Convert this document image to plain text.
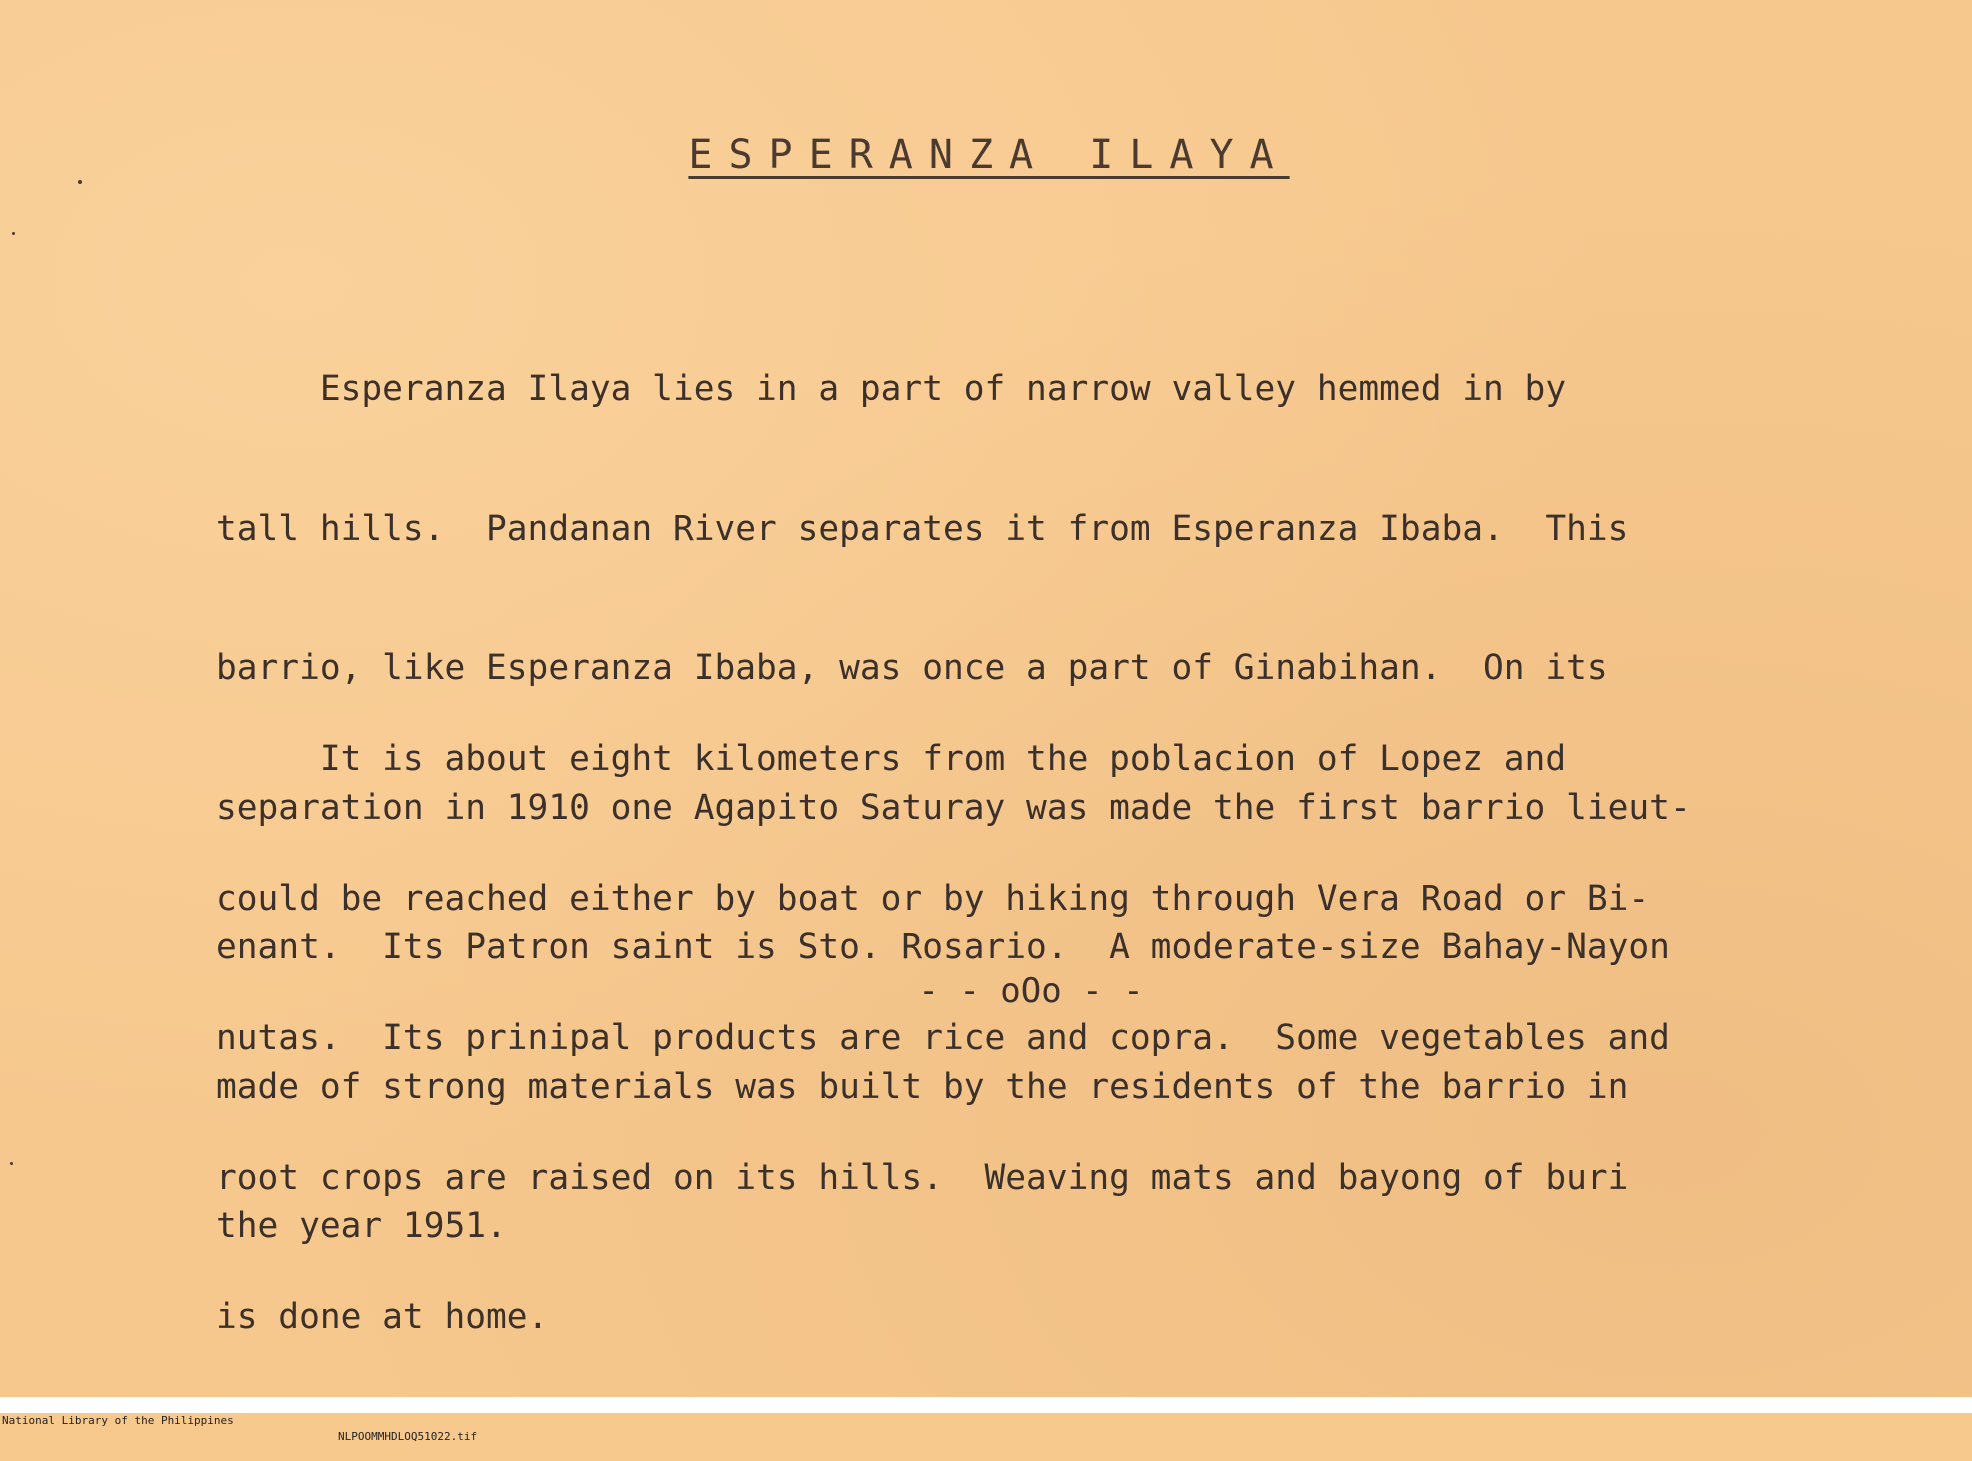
ESPERANZA ILAYA

Esperanza Ilaya lies in a part of narrow valley hemmed in by

tall hills.  Pandanan River separates it from Esperanza Ibaba.  This

barrio, like Esperanza Ibaba, was once a part of Ginabihan.  On its

separation in 1910 one Agapito Saturay was made the first barrio lieut-

enant.  Its Patron saint is Sto. Rosario.  A moderate-size Bahay-Nayon

made of strong materials was built by the residents of the barrio in

the year 1951.

It is about eight kilometers from the poblacion of Lopez and

could be reached either by boat or by hiking through Vera Road or Bi-

nutas.  Its prinipal products are rice and copra.  Some vegetables and

root crops are raised on its hills.  Weaving mats and bayong of buri

is done at home.

- - oOo - -

National Library of the Philippines

NLPOOMMHDLOQ51022.tif
